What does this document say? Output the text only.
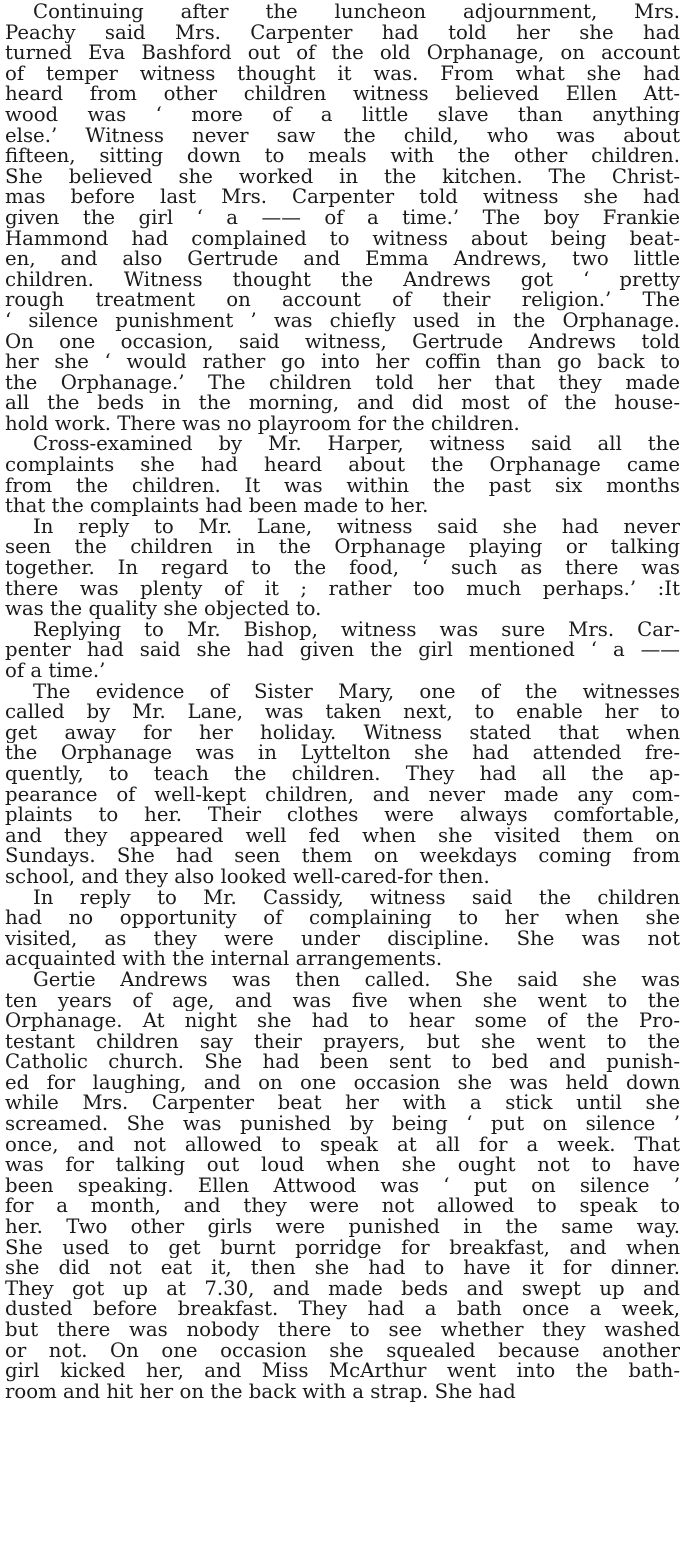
Continuing after the luncheon adjournment, Mrs.
Peachy said Mrs. Carpenter had told her she had
turned Eva Bashford out of the old Orphanage, on account
of temper witness thought it was. From what she had
heard from other children witness believed Ellen Att-
wood was ‘ more of a little slave than anything
else.’ Witness never saw the child, who was about
fifteen, sitting down to meals with the other children.
She believed she worked in the kitchen. The Christ-
mas before last Mrs. Carpenter told witness she had
given the girl ‘ a —— of a time.’ The boy Frankie
Hammond had complained to witness about being beat-
en, and also Gertrude and Emma Andrews, two little
children. Witness thought the Andrews got ‘ pretty
rough treatment on account of their religion.’ The
‘ silence punishment ’ was chiefly used in the Orphanage.
On one occasion, said witness, Gertrude Andrews told
her she ‘ would rather go into her coffin than go back to
the Orphanage.’ The children told her that they made
all the beds in the morning, and did most of the house-
hold work. There was no playroom for the children.
Cross-examined by Mr. Harper, witness said all the
complaints she had heard about the Orphanage came
from the children. It was within the past six months
that the complaints had been made to her.
In reply to Mr. Lane, witness said she had never
seen the children in the Orphanage playing or talking
together. In regard to the food, ‘ such as there was
there was plenty of it ; rather too much perhaps.’ :It
was the quality she objected to.
Replying to Mr. Bishop, witness was sure Mrs. Car-
penter had said she had given the girl mentioned ‘ a ——
of a time.’
The evidence of Sister Mary, one of the witnesses
called by Mr. Lane, was taken next, to enable her to
get away for her holiday. Witness stated that when
the Orphanage was in Lyttelton she had attended fre-
quently, to teach the children. They had all the ap-
pearance of well-kept children, and never made any com-
plaints to her. Their clothes were always comfortable,
and they appeared well fed when she visited them on
Sundays. She had seen them on weekdays coming from
school, and they also looked well-cared-for then.
In reply to Mr. Cassidy, witness said the children
had no opportunity of complaining to her when she
visited, as they were under discipline. She was not
acquainted with the internal arrangements.
Gertie Andrews was then called. She said she was
ten years of age, and was five when she went to the
Orphanage. At night she had to hear some of the Pro-
testant children say their prayers, but she went to the
Catholic church. She had been sent to bed and punish-
ed for laughing, and on one occasion she was held down
while Mrs. Carpenter beat her with a stick until she
screamed. She was punished by being ‘ put on silence ’
once, and not allowed to speak at all for a week. That
was for talking out loud when she ought not to have
been speaking. Ellen Attwood was ‘ put on silence ’
for a month, and they were not allowed to speak to
her. Two other girls were punished in the same way.
She used to get burnt porridge for breakfast, and when
she did not eat it, then she had to have it for dinner.
They got up at 7.30, and made beds and swept up and
dusted before breakfast. They had a bath once a week,
but there was nobody there to see whether they washed
or not. On one occasion she squealed because another
girl kicked her, and Miss McArthur went into the bath-
room and hit her on the back with a strap. She had
